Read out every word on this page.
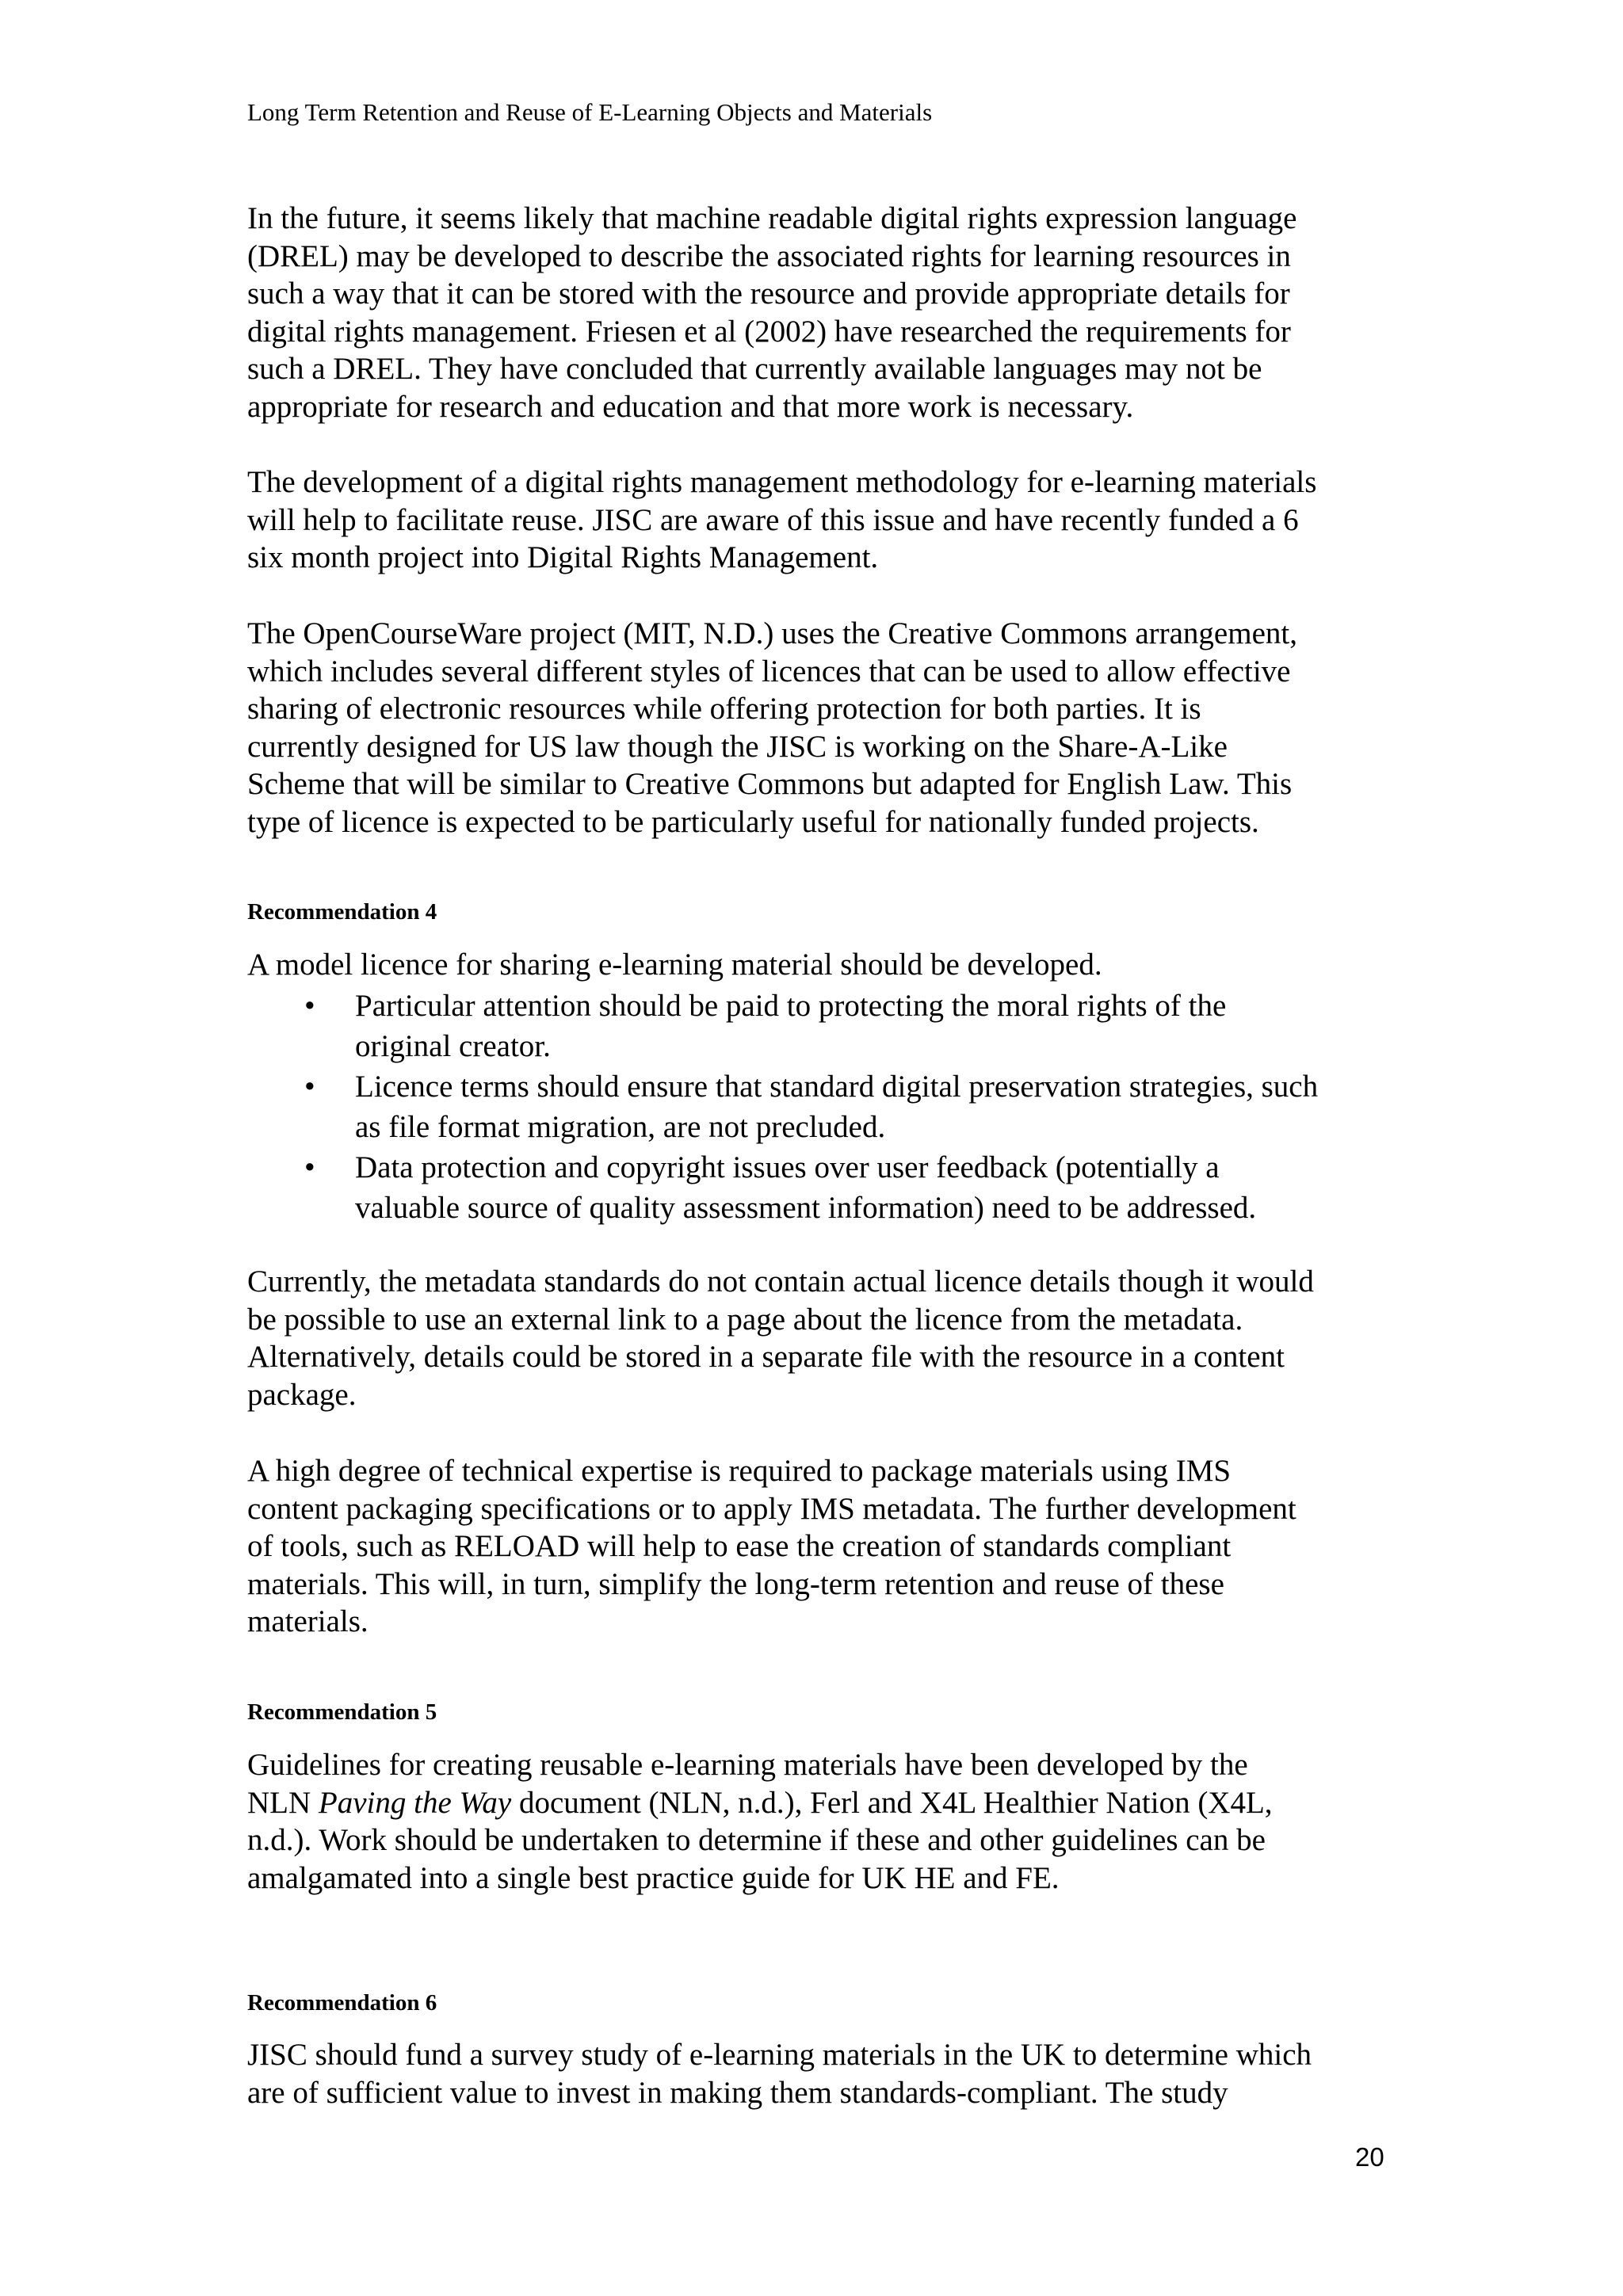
Long Term Retention and Reuse of E-Learning Objects and Materials

In the future, it seems likely that machine readable digital rights expression language
(DREL) may be developed to describe the associated rights for learning resources in
such a way that it can be stored with the resource and provide appropriate details for
digital rights management. Friesen et al (2002) have researched the requirements for
such a DREL. They have concluded that currently available languages may not be
appropriate for research and education and that more work is necessary.

The development of a digital rights management methodology for e-learning materials
will help to facilitate reuse. JISC are aware of this issue and have recently funded a 6
six month project into Digital Rights Management.

The OpenCourseWare project (MIT, N.D.) uses the Creative Commons arrangement,
which includes several different styles of licences that can be used to allow effective
sharing of electronic resources while offering protection for both parties. It is
currently designed for US law though the JISC is working on the Share-A-Like
Scheme that will be similar to Creative Commons but adapted for English Law. This
type of licence is expected to be particularly useful for nationally funded projects.

Recommendation 4

A model licence for sharing e-learning material should be developed.

• Particular attention should be paid to protecting the moral rights of the
original creator.
• Licence terms should ensure that standard digital preservation strategies, such
as file format migration, are not precluded.
• Data protection and copyright issues over user feedback (potentially a
valuable source of quality assessment information) need to be addressed.

Currently, the metadata standards do not contain actual licence details though it would
be possible to use an external link to a page about the licence from the metadata.
Alternatively, details could be stored in a separate file with the resource in a content
package.

A high degree of technical expertise is required to package materials using IMS
content packaging specifications or to apply IMS metadata. The further development
of tools, such as RELOAD will help to ease the creation of standards compliant
materials. This will, in turn, simplify the long-term retention and reuse of these
materials.

Recommendation 5

Guidelines for creating reusable e-learning materials have been developed by the
NLN Paving the Way document (NLN, n.d.), Ferl and X4L Healthier Nation (X4L,
n.d.). Work should be undertaken to determine if these and other guidelines can be
amalgamated into a single best practice guide for UK HE and FE.

Recommendation 6

JISC should fund a survey study of e-learning materials in the UK to determine which
are of sufficient value to invest in making them standards-compliant. The study

20
